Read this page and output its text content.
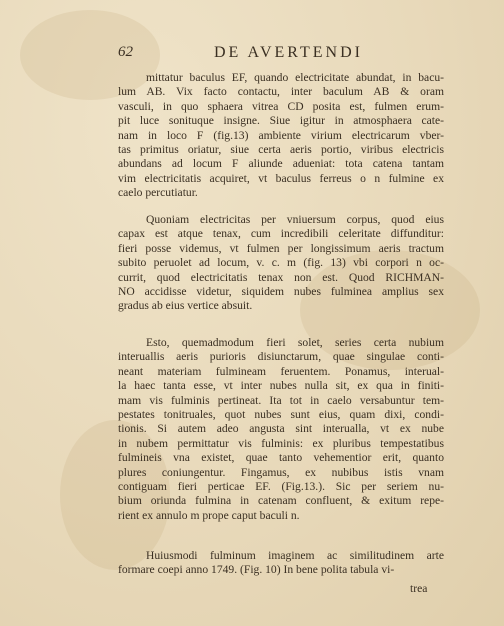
62	DE AVERTENDI
mittatur baculus EF, quando electricitate abundat, in bacu-
lum AB. Vix facto contactu, inter baculum AB & oram
vasculi, in quo sphaera vitrea CD posita est, fulmen erum-
pit luce sonituque insigne. Siue igitur in atmosphaera cate-
nam in loco F (fig.13) ambiente virium electricarum vber-
tas primitus oriatur, siue certa aeris portio, viribus electricis
abundans ad locum F aliunde adueniat: tota catena tantam
vim electricitatis acquiret, vt baculus ferreus o n fulmine ex
caelo percutiatur.
Quoniam electricitas per vniuersum corpus, quod eius
capax est atque tenax, cum incredibili celeritate diffunditur:
fieri posse videmus, vt fulmen per longissimum aeris tractum
subito peruolet ad locum, v. c. m (fig. 13) vbi corpori n oc-
currit, quod electricitatis tenax non est. Quod RICHMAN-
NO accidisse videtur, siquidem nubes fulminea amplius sex
gradus ab eius vertice absuit.
Esto, quemadmodum fieri solet, series certa nubium
interuallis aeris purioris disiunctarum, quae singulae conti-
neant materiam fulmineam feruentem. Ponamus, interual-
la haec tanta esse, vt inter nubes nulla sit, ex qua in finiti-
mam vis fulminis pertineat. Ita tot in caelo versabuntur tem-
pestates tonitruales, quot nubes sunt eius, quam dixi, condi-
tionis. Si autem adeo angusta sint interualla, vt ex nube
in nubem permittatur vis fulminis: ex pluribus tempestatibus
fulmineis vna existet, quae tanto vehementior erit, quanto
plures coniungentur. Fingamus, ex nubibus istis vnam
contiguam fieri perticae EF. (Fig.13.). Sic per seriem nu-
bium oriunda fulmina in catenam confluent, & exitum repe-
rient ex annulo m prope caput baculi n.
Huiusmodi fulminum imaginem ac similitudinem arte
formare coepi anno 1749. (Fig. 10) In bene polita tabula vi-
trea
